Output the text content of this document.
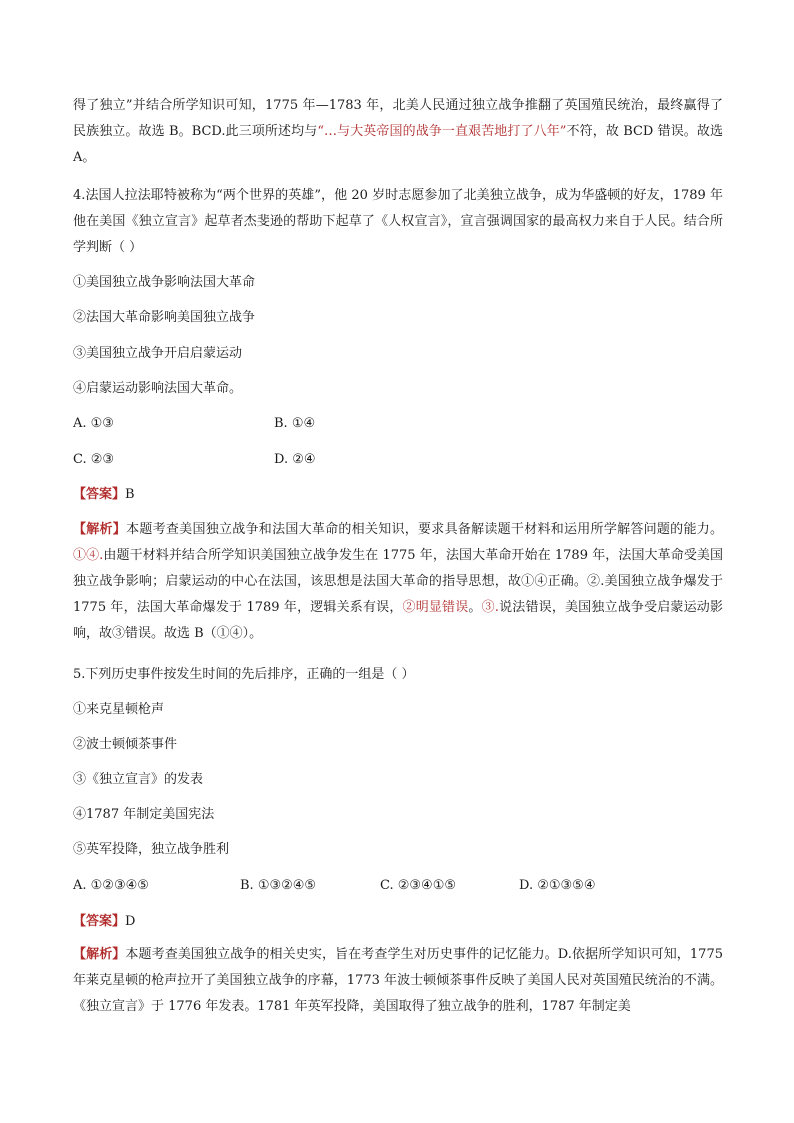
得了独立”并结合所学知识可知，1775 年—1783 年，北美人民通过独立战争推翻了英国殖民统治，最终赢得了民族独立。故选 B。BCD.此三项所述均与“…与大英帝国的战争一直艰苦地打了八年”不符，故 BCD 错误。故选 A。

4.法国人拉法耶特被称为“两个世界的英雄”，他 20 岁时志愿参加了北美独立战争，成为华盛顿的好友，1789 年他在美国《独立宣言》起草者杰斐逊的帮助下起草了《人权宣言》，宣言强调国家的最高权力来自于人民。结合所学判断（ ）

①美国独立战争影响法国大革命
②法国大革命影响美国独立战争
③美国独立战争开启启蒙运动
④启蒙运动影响法国大革命。
A. ①③	B. ①④
C. ②③	D. ②④
【答案】B

【解析】本题考查美国独立战争和法国大革命的相关知识，要求具备解读题干材料和运用所学解答问题的能力。①④.由题干材料并结合所学知识美国独立战争发生在 1775 年，法国大革命开始在 1789 年，法国大革命受美国独立战争影响；启蒙运动的中心在法国，该思想是法国大革命的指导思想，故①④正确。②.美国独立战争爆发于 1775 年，法国大革命爆发于 1789 年，逻辑关系有误，②明显错误。③.说法错误，美国独立战争受启蒙运动影响，故③错误。故选 B（①④）。

5.下列历史事件按发生时间的先后排序，正确的一组是（ ）
①来克星顿枪声
②波士顿倾茶事件
③《独立宣言》的发表
④1787 年制定美国宪法
⑤英军投降，独立战争胜利
A. ①②③④⑤	B. ①③②④⑤	C. ②③④①⑤	D. ②①③⑤④
【答案】D

【解析】本题考查美国独立战争的相关史实，旨在考查学生对历史事件的记忆能力。D.依据所学知识可知，1775 年莱克星顿的枪声拉开了美国独立战争的序幕，1773 年波士顿倾茶事件反映了美国人民对英国殖民统治的不满。《独立宣言》于 1776 年发表。1781 年英军投降，美国取得了独立战争的胜利，1787 年制定美
